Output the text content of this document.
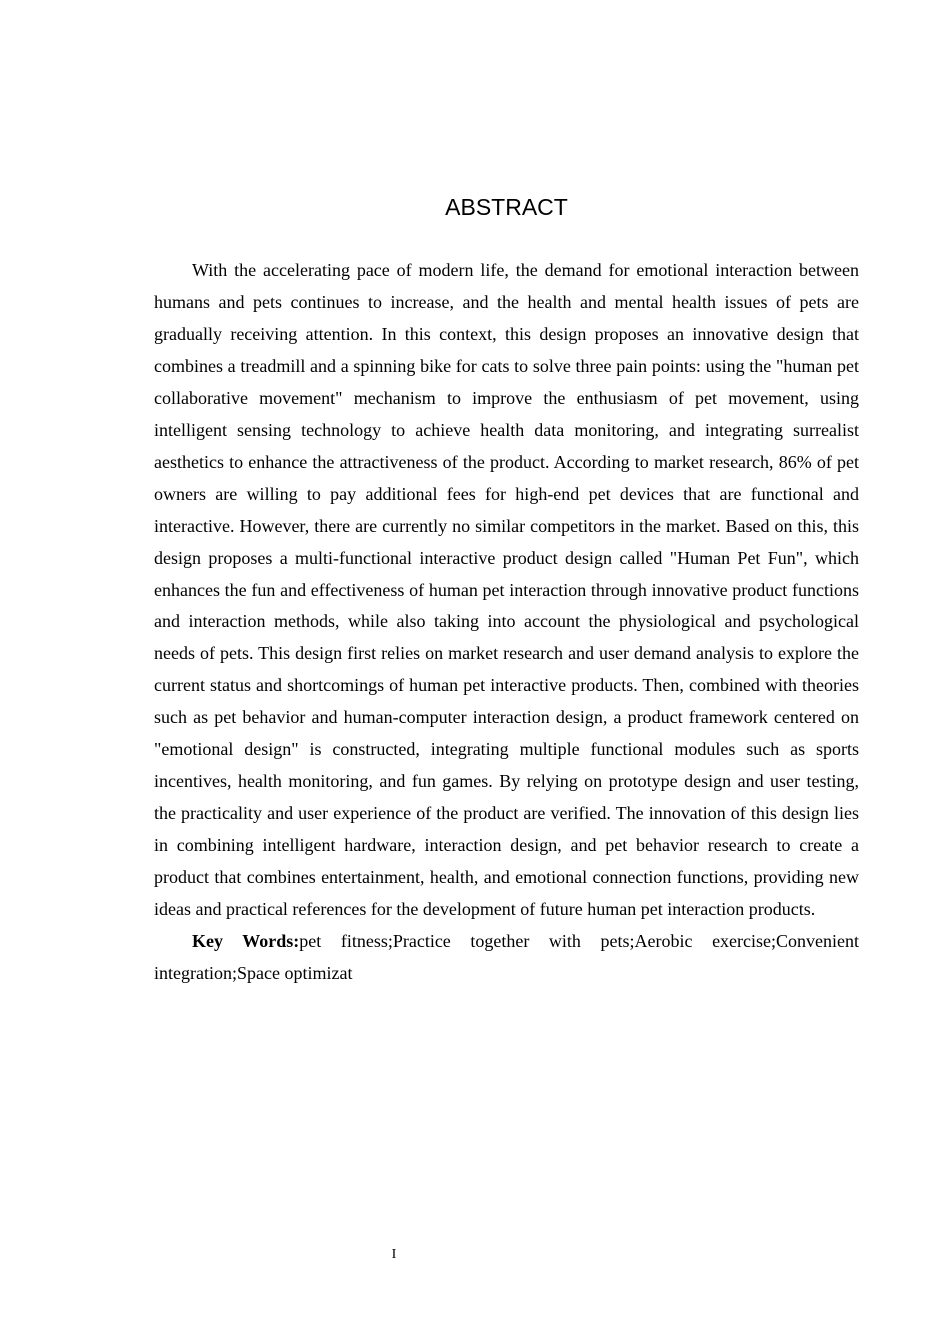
ABSTRACT

With the accelerating pace of modern life, the demand for emotional interaction between humans and pets continues to increase, and the health and mental health issues of pets are gradually receiving attention. In this context, this design proposes an innovative design that combines a treadmill and a spinning bike for cats to solve three pain points: using the "human pet collaborative movement" mechanism to improve the enthusiasm of pet movement, using intelligent sensing technology to achieve health data monitoring, and integrating surrealist aesthetics to enhance the attractiveness of the product. According to market research, 86% of pet owners are willing to pay additional fees for high-end pet devices that are functional and interactive. However, there are currently no similar competitors in the market. Based on this, this design proposes a multi-functional interactive product design called "Human Pet Fun", which enhances the fun and effectiveness of human pet interaction through innovative product functions and interaction methods, while also taking into account the physiological and psychological needs of pets. This design first relies on market research and user demand analysis to explore the current status and shortcomings of human pet interactive products. Then, combined with theories such as pet behavior and human-computer interaction design, a product framework centered on "emotional design" is constructed, integrating multiple functional modules such as sports incentives, health monitoring, and fun games. By relying on prototype design and user testing, the practicality and user experience of the product are verified. The innovation of this design lies in combining intelligent hardware, interaction design, and pet behavior research to create a product that combines entertainment, health, and emotional connection functions, providing new ideas and practical references for the development of future human pet interaction products.

Key Words:pet fitness;Practice together with pets;Aerobic exercise;Convenient integration;Space optimizat

I
